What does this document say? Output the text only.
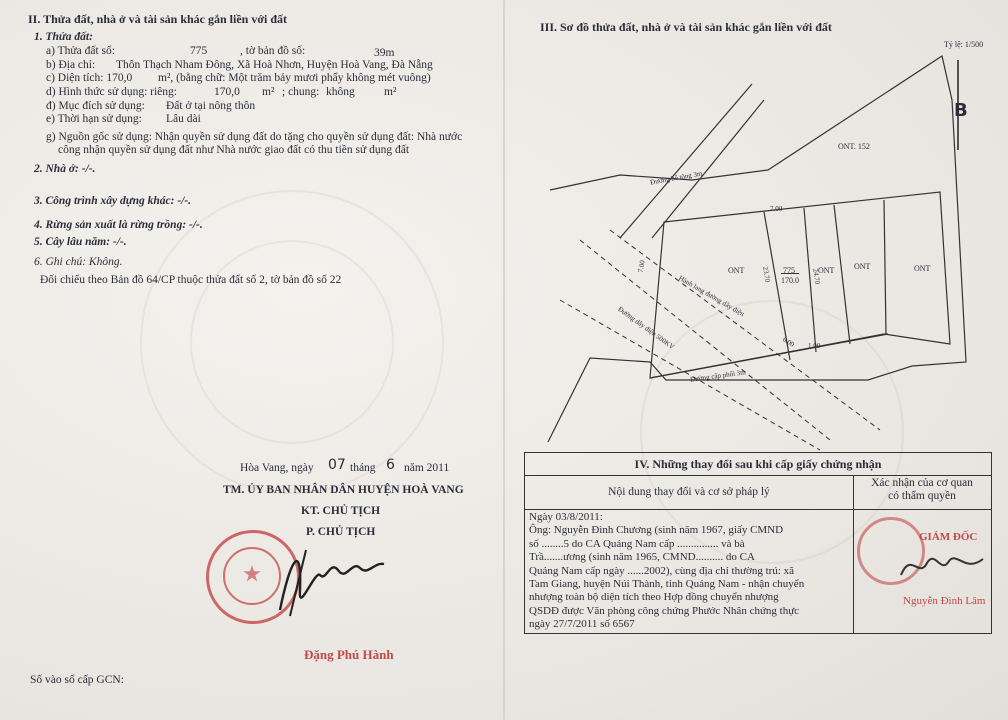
II. Thửa đất, nhà ở và tài sản khác gắn liền với đất
1. Thửa đất:
a) Thửa đất số:	775	, tờ bản đồ số:	39m
b) Địa chỉ: Thôn Thạch Nham Đông, Xã Hoà Nhơn, Huyện Hoà Vang, Đà Nẵng
c) Diện tích: 170,0 m², (bằng chữ: Một trăm bảy mươi phẩy không mét vuông)
d) Hình thức sử dụng: riêng:	170,0 m² ; chung: không	m²
đ) Mục đích sử dụng: Đất ở tại nông thôn
e) Thời hạn sử dụng: Lâu dài
g) Nguồn gốc sử dụng: Nhận quyền sử dụng đất do tặng cho quyền sử dụng đất: Nhà nước
công nhận quyền sử dụng đất như Nhà nước giao đất có thu tiền sử dụng đất
2. Nhà ở: -/-.
3. Công trình xây dựng khác: -/-.
4. Rừng sản xuất là rừng trồng: -/-.
5. Cây lâu năm: -/-.
6. Ghi chú: Không.
Đối chiếu theo Bản đồ 64/CP thuộc thửa đất số 2, tờ bản đồ số 22
Hòa Vang, ngày 07 tháng 6 năm 2011
TM. ỦY BAN NHÂN DÂN HUYỆN HOÀ VANG
KT. CHỦ TỊCH
P. CHỦ TỊCH
Đặng Phú Hành
Số vào sổ cấp GCN:
III. Sơ đồ thửa đất, nhà ở và tài sản khác gắn liền với đất
Tỷ lệ: 1/500
B
ONT. 152
Đường bê tông 3m
7.00
7.00	23.70	24.70
ONT	ONT ONT	ONT
775
170.0
Hành lang đường dây điện
Đường dây điện 500KV	6.00 1.00
Đường cấp phối 3m
IV. Những thay đổi sau khi cấp giấy chứng nhận
Nội dung thay đổi và cơ sở pháp lý
Xác nhận của cơ quan
có thẩm quyền
Ngày 03/8/2011:
Ông: Nguyễn Đình Chương (sinh năm 1967, giấy CMND
số ........5 do CA Quảng Nam cấp ............... và bà
Trầ.......ương (sinh năm 1965, CMND.......... do CA
Quảng Nam cấp ngày ......2002), cùng địa chỉ thường trú: xã
Tam Giang, huyện Núi Thành, tỉnh Quảng Nam - nhận chuyển
nhượng toàn bộ diện tích theo Hợp đồng chuyển nhượng
QSDĐ được Văn phòng công chứng Phước Nhân chứng thực
ngày 27/7/2011 số 6567
GIÁM ĐỐC
Nguyễn Đình Lâm
